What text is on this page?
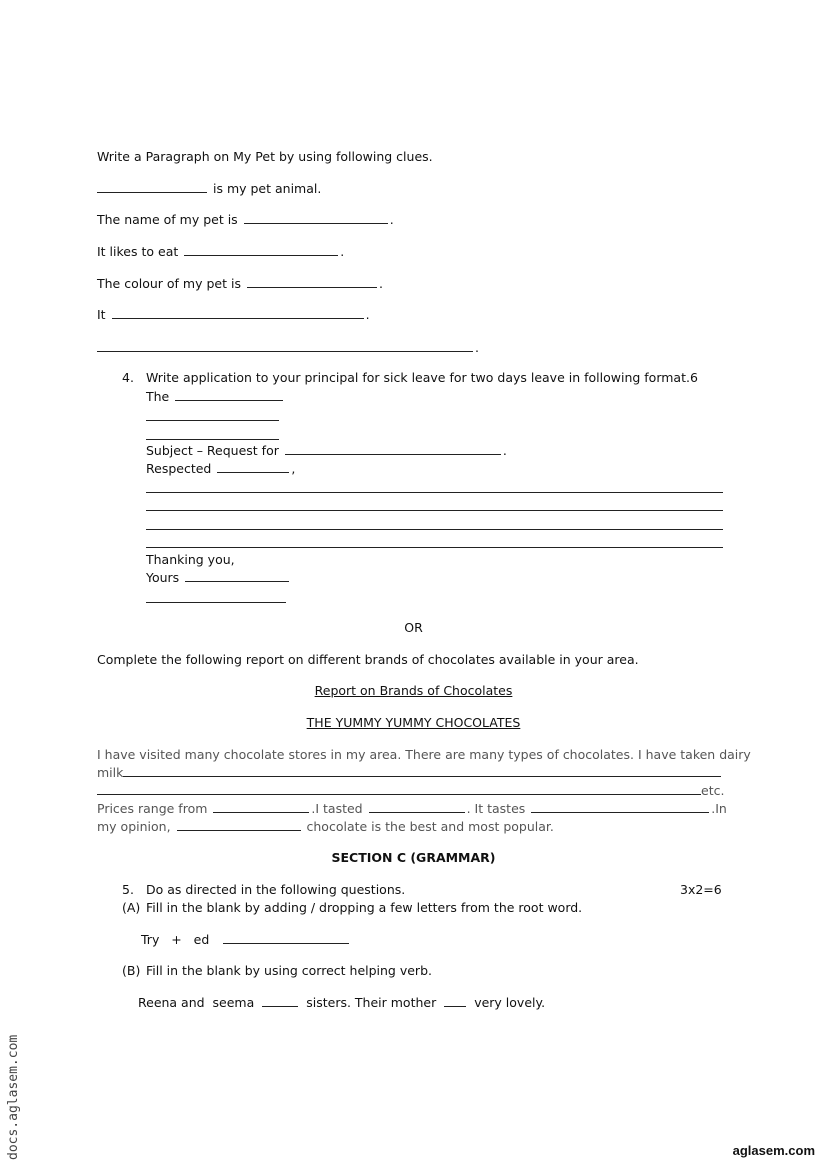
Write a Paragraph on My Pet by using following clues.
is my pet animal.
The name of my pet is	.
It likes to eat	.
The colour of my pet is	.
It	.
.
4. Write application to your principal for sick leave for two days leave in following format. 6
The
Subject – Request for	.
Respected	,
Thanking you,
Yours
OR
Complete the following report on different brands of chocolates available in your area.
Report on Brands of Chocolates
THE YUMMY YUMMY CHOCOLATES
I have visited many chocolate stores in my area. There are many types of chocolates. I have taken dairy
milk
etc.
Prices range from	.I tasted	. It tastes	.In
my opinion,	chocolate is the best and most popular.
SECTION C (GRAMMAR)
5. Do as directed in the following questions.	3x2=6
(A) Fill in the blank by adding / dropping a few letters from the root word.
Try   +   ed
(B) Fill in the blank by using correct helping verb.
Reena and  seema	sisters. Their mother	very lovely.
docs.aglasem.com	aglasem.com
